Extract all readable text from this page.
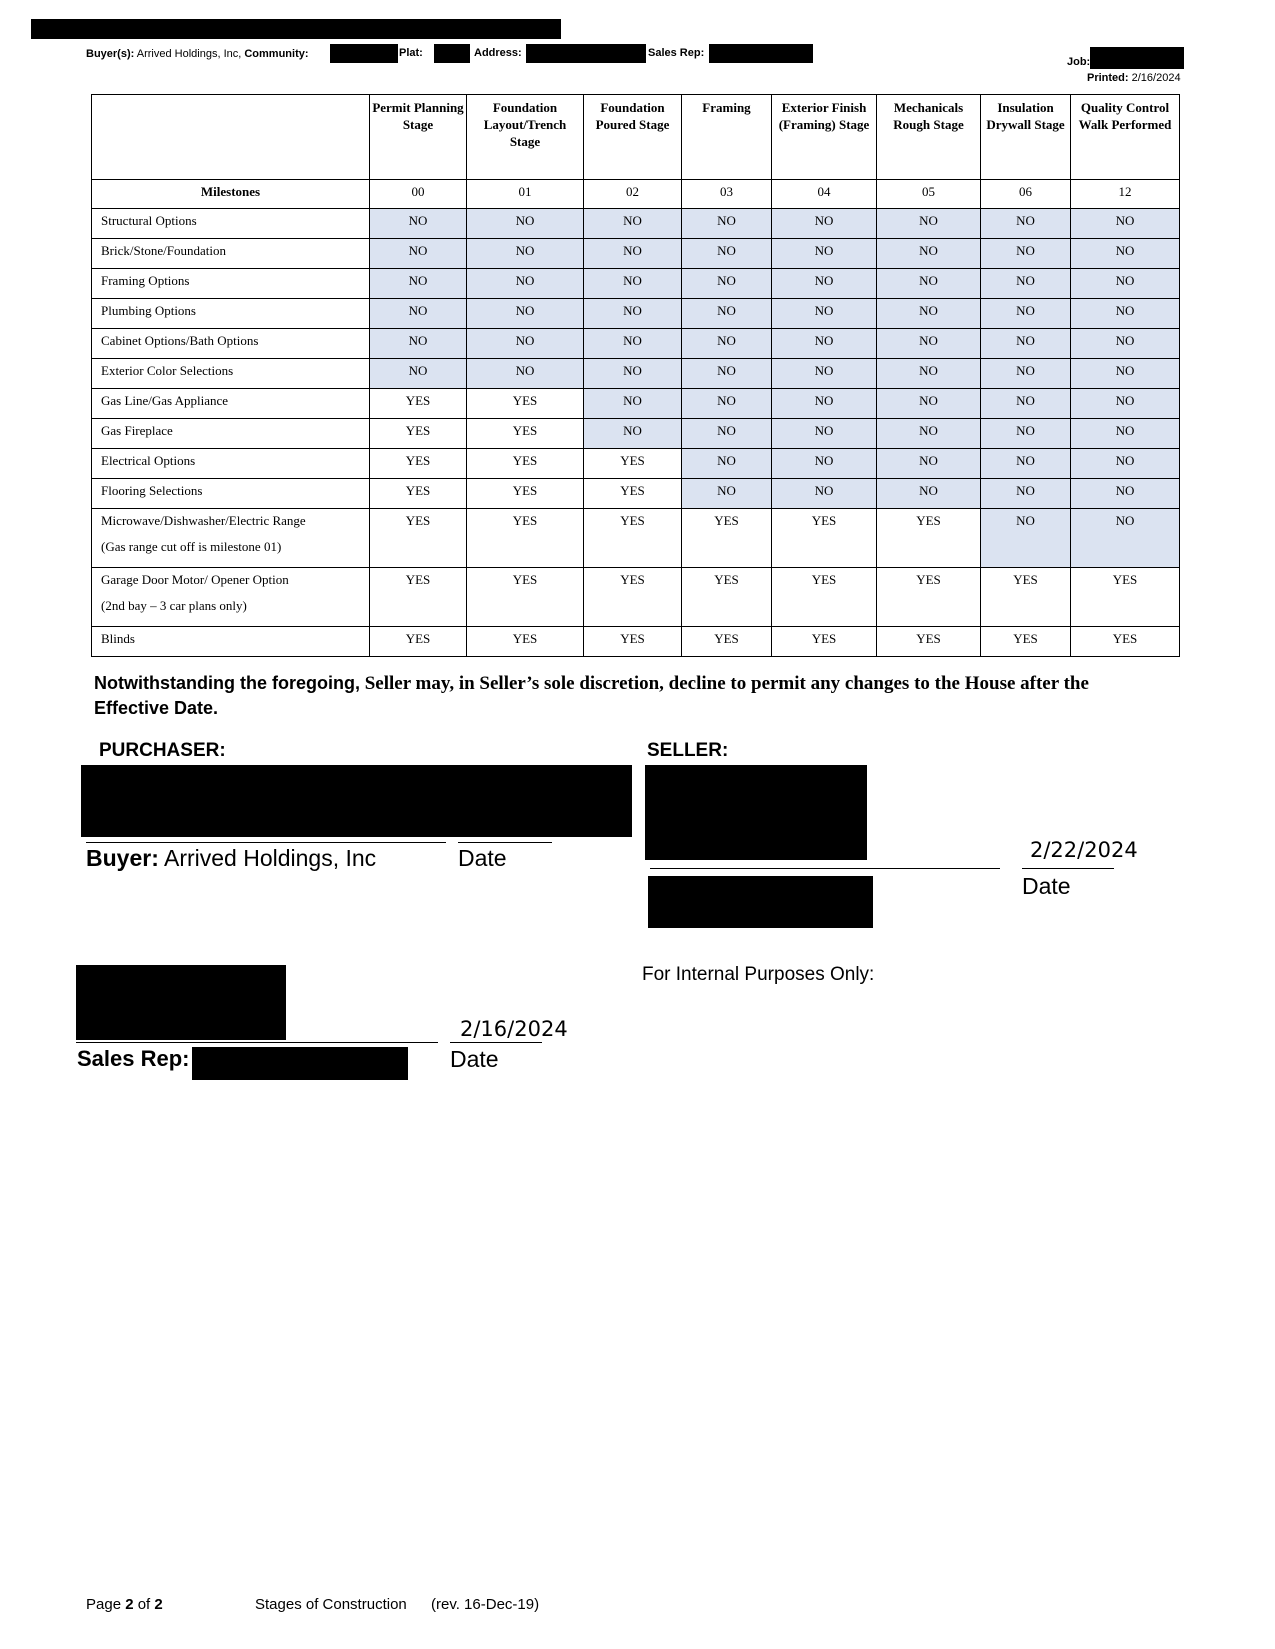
Buyer(s): Arrived Holdings, Inc, Community:	Plat:	Address:	Sales Rep:
Job:
Printed: 2/16/2024
	Permit Planning Stage	Foundation Layout/Trench Stage	Foundation Poured Stage	Framing	Exterior Finish (Framing) Stage	Mechanicals Rough Stage	Insulation Drywall Stage	Quality Control Walk Performed
Milestones	00	01	02	03	04	05	06	12
Structural Options	NO	NO	NO	NO	NO	NO	NO	NO
Brick/Stone/Foundation	NO	NO	NO	NO	NO	NO	NO	NO
Framing Options	NO	NO	NO	NO	NO	NO	NO	NO
Plumbing Options	NO	NO	NO	NO	NO	NO	NO	NO
Cabinet Options/Bath Options	NO	NO	NO	NO	NO	NO	NO	NO
Exterior Color Selections	NO	NO	NO	NO	NO	NO	NO	NO
Gas Line/Gas Appliance	YES	YES	NO	NO	NO	NO	NO	NO
Gas Fireplace	YES	YES	NO	NO	NO	NO	NO	NO
Electrical Options	YES	YES	YES	NO	NO	NO	NO	NO
Flooring Selections	YES	YES	YES	NO	NO	NO	NO	NO
Microwave/Dishwasher/Electric Range
(Gas range cut off is milestone 01)	YES	YES	YES	YES	YES	YES	NO	NO
Garage Door Motor/ Opener Option
(2nd bay – 3 car plans only)	YES	YES	YES	YES	YES	YES	YES	YES
Blinds	YES	YES	YES	YES	YES	YES	YES	YES
Notwithstanding the foregoing, Seller may, in Seller’s sole discretion, decline to permit any changes to the House after the
Effective Date.
PURCHASER:
Buyer: Arrived Holdings, Inc	Date
SELLER:
2/22/2024
Date
For Internal Purposes Only:
2/16/2024
Sales Rep:	Date
Page 2 of 2	Stages of Construction (rev. 16-Dec-19)
